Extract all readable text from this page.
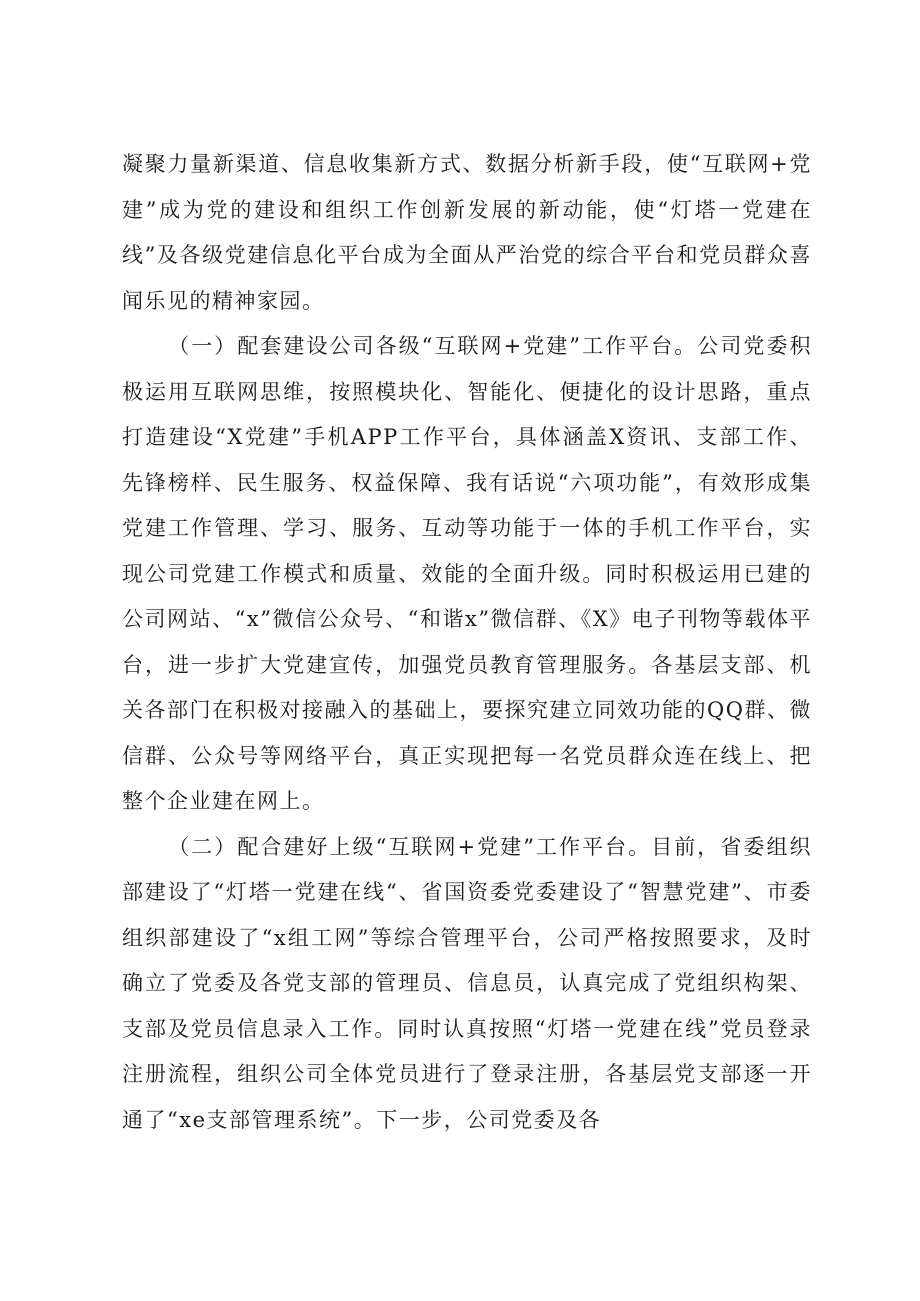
凝聚力量新渠道、信息收集新方式、数据分析新手段，使“互联网+党建”成为党的建设和组织工作创新发展的新动能，使“灯塔一党建在线”及各级党建信息化平台成为全面从严治党的综合平台和党员群众喜闻乐见的精神家园。

（一）配套建设公司各级“互联网+党建”工作平台。公司党委积极运用互联网思维，按照模块化、智能化、便捷化的设计思路，重点打造建设“X党建”手机APP工作平台，具体涵盖X资讯、支部工作、先锋榜样、民生服务、权益保障、我有话说“六项功能”，有效形成集党建工作管理、学习、服务、互动等功能于一体的手机工作平台，实现公司党建工作模式和质量、效能的全面升级。同时积极运用已建的公司网站、“x”微信公众号、“和谐x”微信群、《X》电子刊物等载体平台，进一步扩大党建宣传，加强党员教育管理服务。各基层支部、机关各部门在积极对接融入的基础上，要探究建立同效功能的QQ群、微信群、公众号等网络平台，真正实现把每一名党员群众连在线上、把整个企业建在网上。

（二）配合建好上级“互联网+党建”工作平台。目前，省委组织部建设了“灯塔一党建在线“、省国资委党委建设了“智慧党建”、市委组织部建设了“x组工网”等综合管理平台，公司严格按照要求，及时确立了党委及各党支部的管理员、信息员，认真完成了党组织构架、支部及党员信息录入工作。同时认真按照“灯塔一党建在线”党员登录注册流程，组织公司全体党员进行了登录注册，各基层党支部逐一开通了“xe支部管理系统”。下一步，公司党委及各
